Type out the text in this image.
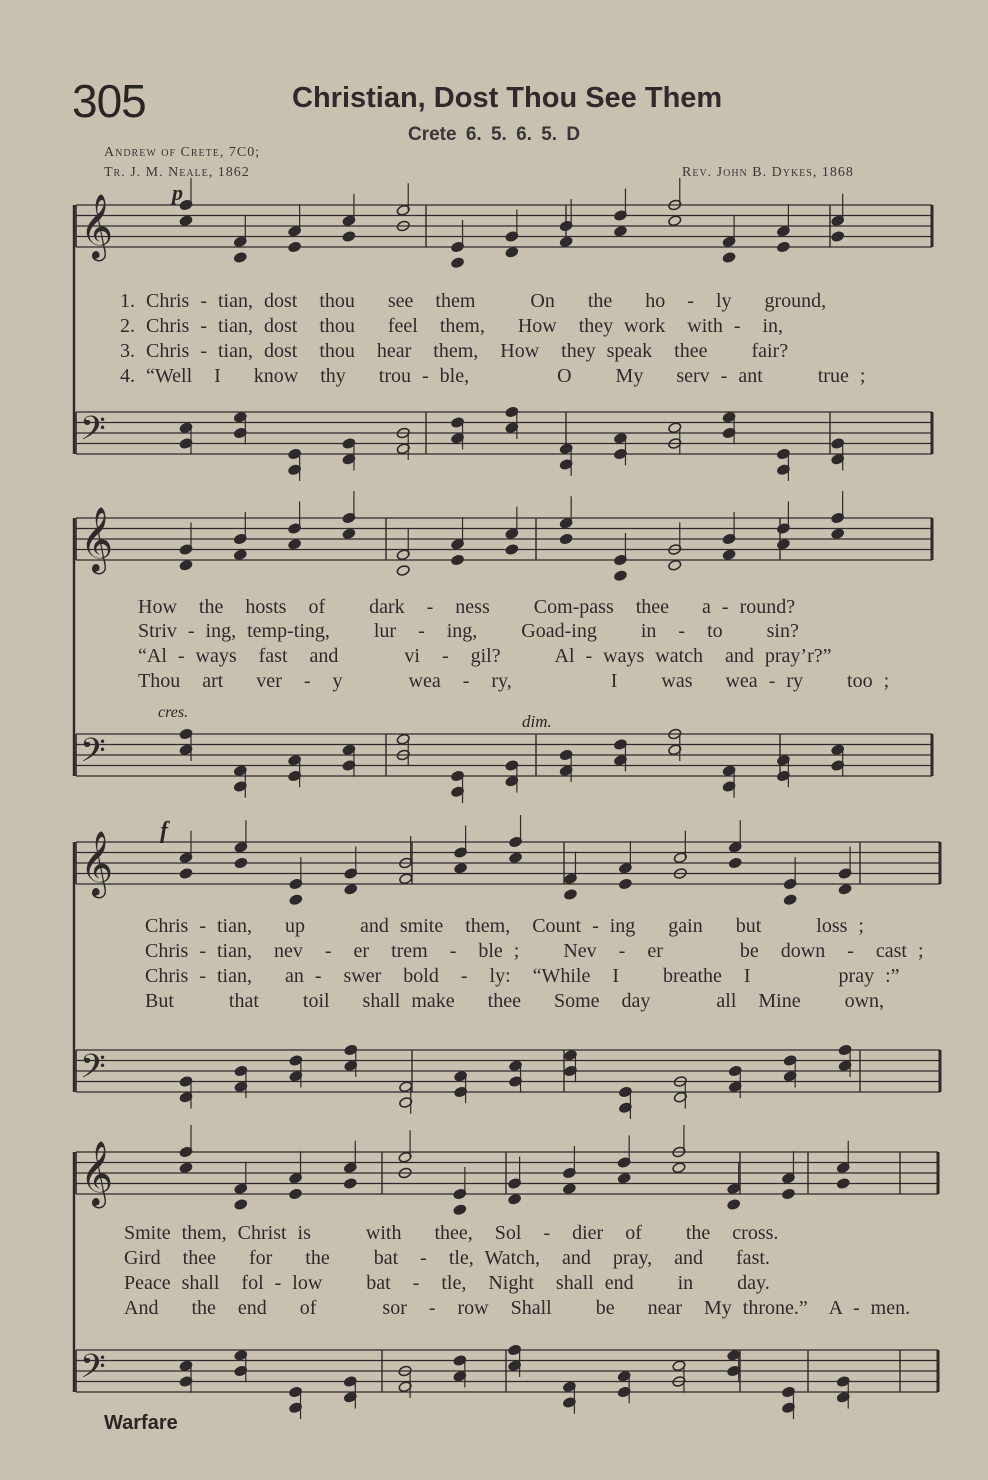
305	Christian, Dost Thou See Them
Crete 6. 5. 6. 5. D
Andrew of Crete, 7C0;
Tr. J. M. Neale, 1862	Rev. John B. Dykes, 1868
𝄞
𝄢
𝄞
𝄢
𝄞
𝄢
𝄞
𝄢
p
cres.	dim.
f
1. Chris - tian, dost  thou   see  them     On   the   ho  -  ly   ground,
2. Chris - tian, dost  thou   feel  them,   How  they work  with -  in,
3. Chris - tian, dost  thou  hear  them,  How  they speak  thee    fair?
4. “Well  I   know  thy   trou - ble,        O    My   serv - ant     true ;
How  the  hosts  of    dark  -  ness    Com-pass  thee   a - round?
Striv - ing, temp-ting,    lur  -  ing,    Goad-ing    in  -  to    sin?
“Al - ways  fast  and      vi  -  gil?     Al - ways watch  and pray’r?”
Thou  art   ver  -  y      wea  -  ry,         I    was   wea - ry    too ;
Chris - tian,   up     and smite  them,  Count - ing   gain   but     loss ;
Chris - tian,  nev  -  er  trem  -  ble ;    Nev  -  er       be  down  -  cast ;
Chris - tian,   an -  swer  bold  -  ly:  “While  I    breathe  I        pray :”
But     that    toil   shall make   thee   Some  day      all  Mine    own,
Smite them, Christ is     with   thee,  Sol  -  dier  of    the  cross.
Gird  thee   for   the    bat  -  tle, Watch,  and  pray,  and   fast.
Peace shall  fol - low    bat  -  tle,  Night  shall end    in    day.
And   the  end   of      sor  -  row  Shall    be   near  My throne.”  A - men.
Warfare
